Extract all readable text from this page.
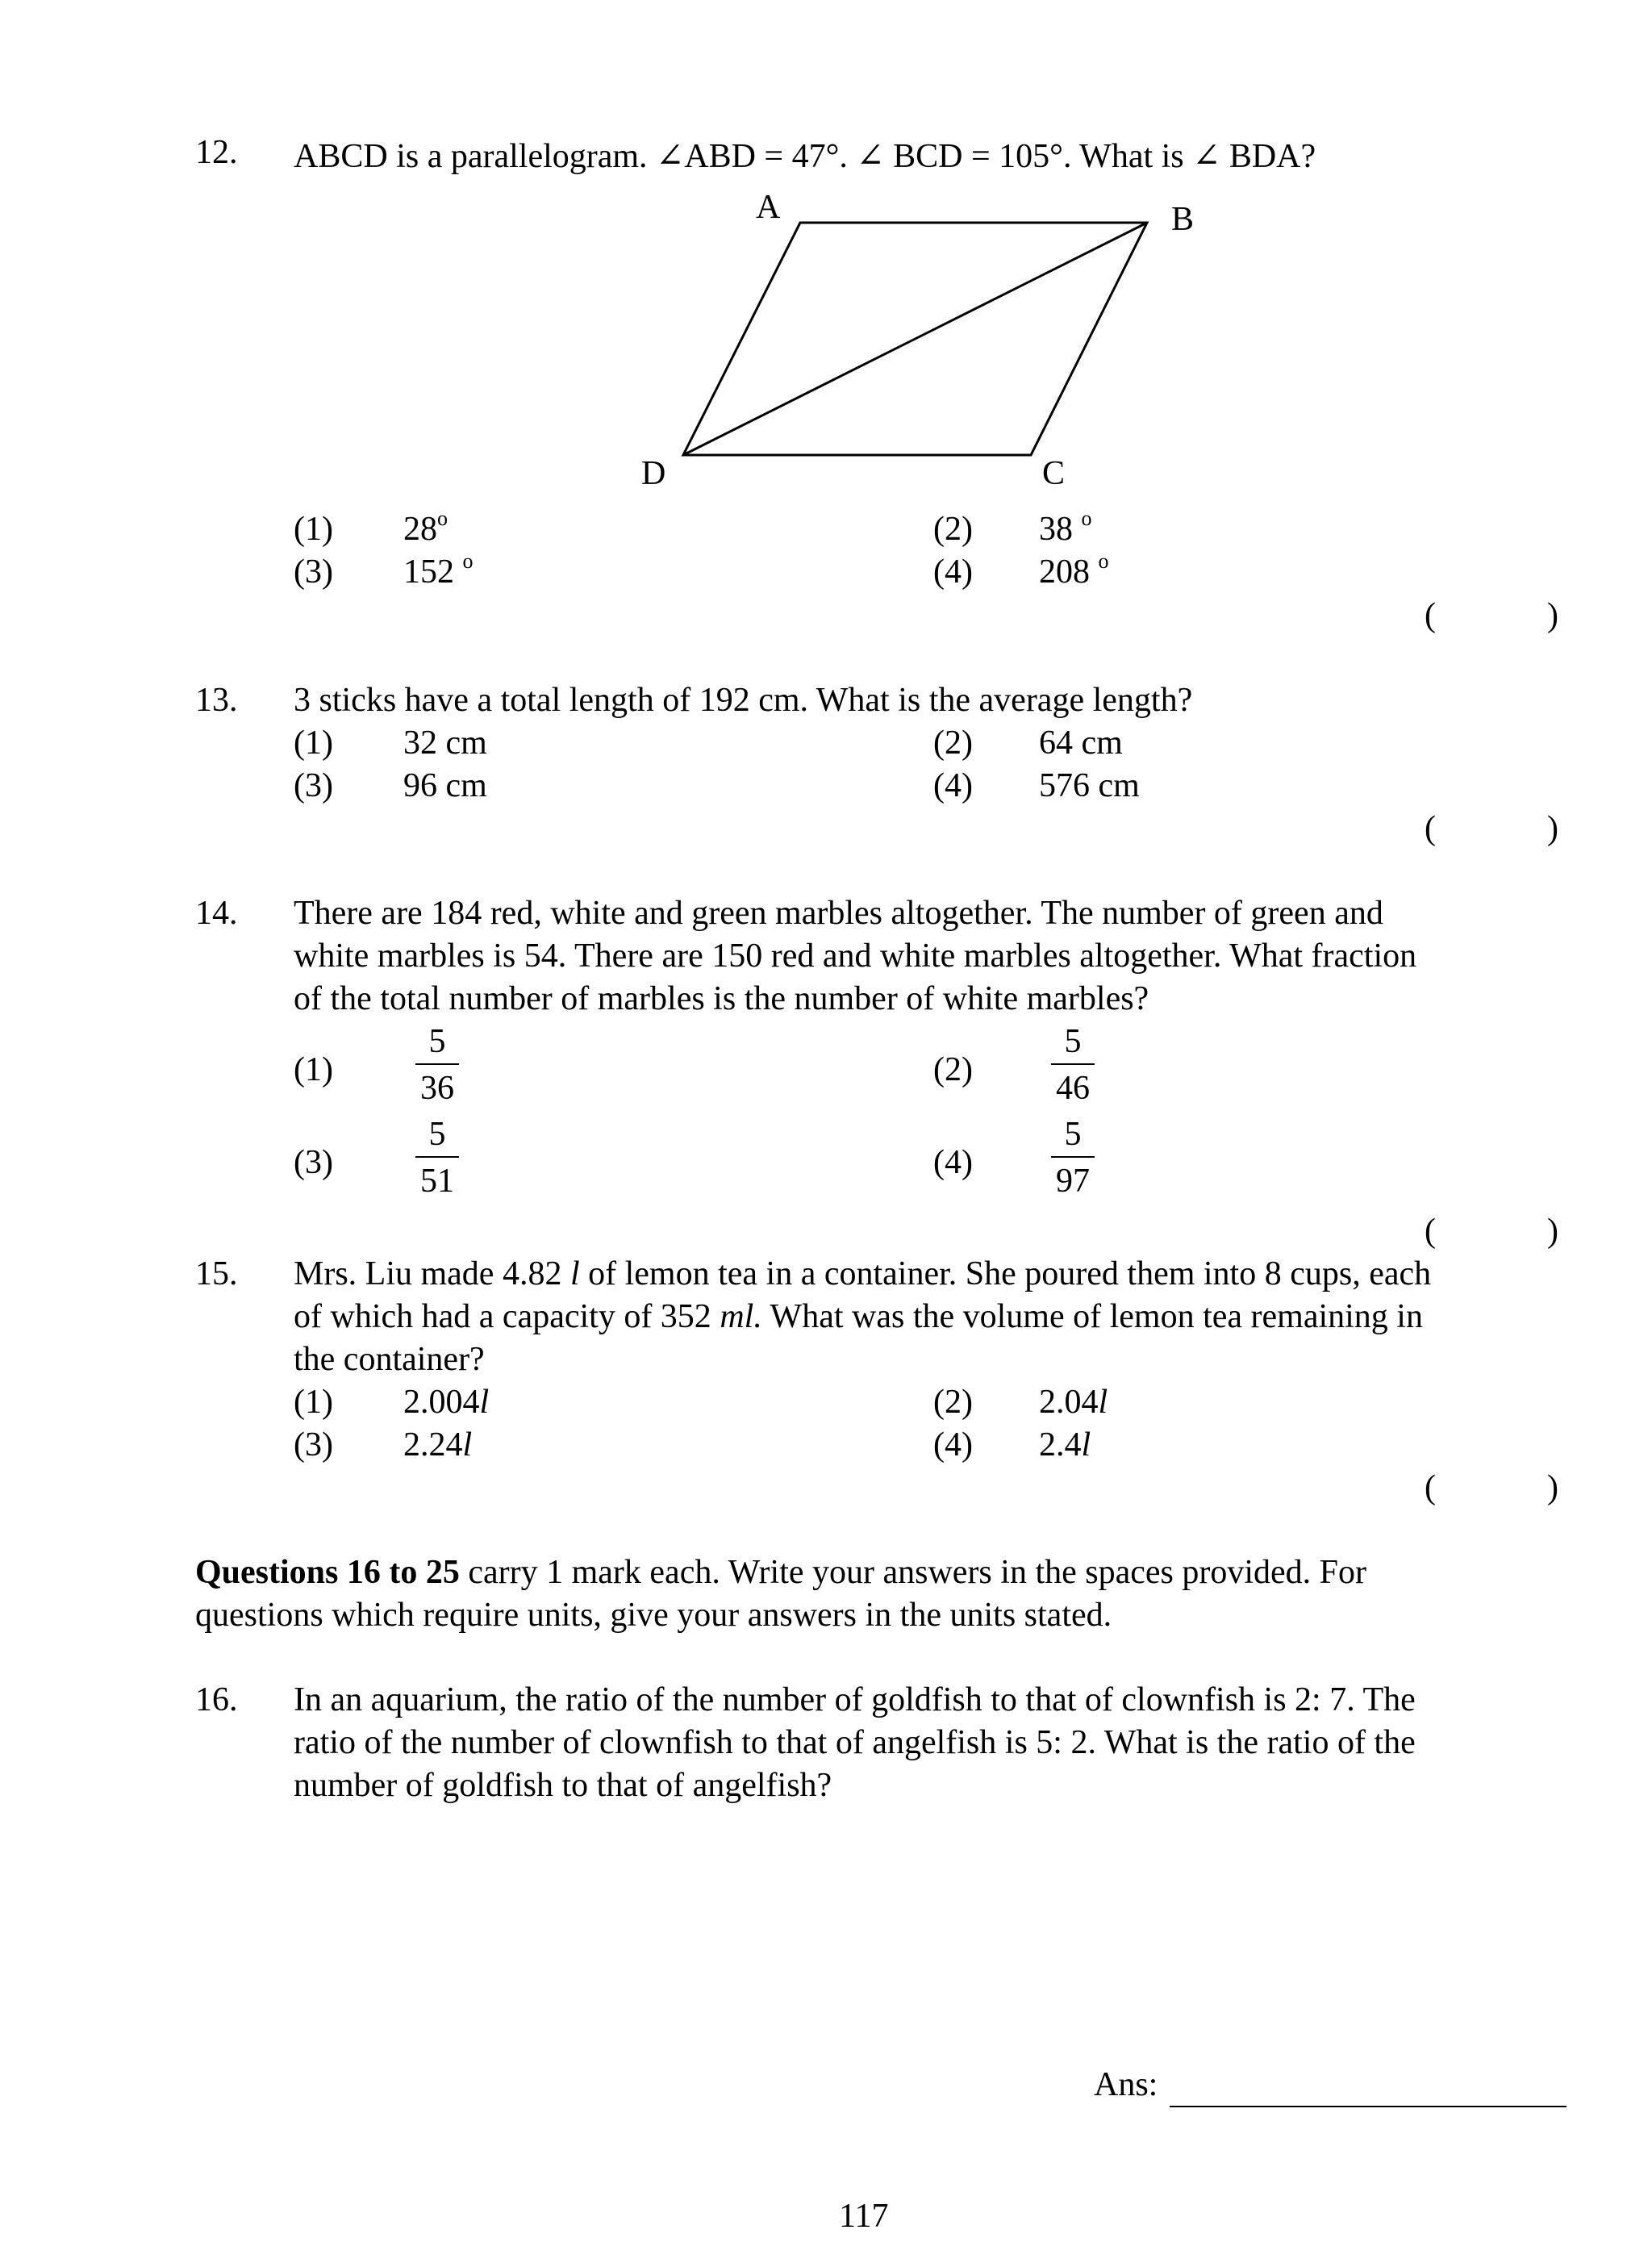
12. ABCD is a parallelogram. ∠ABD = 47°. ∠ BCD = 105°. What is ∠ BDA?
A	B
C
D
(1) 28$^o$	(2) 38 $^o$
(3) 152 $^o$	(4) 208 $^o$
(	)
13. 3 sticks have a total length of 192 cm. What is the average length?
(1) 32 cm	(2) 64 cm
(3) 96 cm	(4) 576 cm
(	)
14. There are 184 red, white and green marbles altogether. The number of green and
white marbles is 54. There are 150 red and white marbles altogether. What fraction
of the total number of marbles is the number of white marbles?
(1)
5
36	(2)
5
46
(3)
5
51	(4)
5
97
(	)
15. Mrs. Liu made 4.82 l of lemon tea in a container. She poured them into 8 cups, each
of which had a capacity of 352 ml. What was the volume of lemon tea remaining in
the container?
(1) 2.004l	(2) 2.04l
(3) 2.24l	(4) 2.4l
(	)
Questions 16 to 25 carry 1 mark each. Write your answers in the spaces provided. For
questions which require units, give your answers in the units stated.
16. In an aquarium, the ratio of the number of goldfish to that of clownfish is 2: 7. The
ratio of the number of clownfish to that of angelfish is 5: 2. What is the ratio of the
number of goldfish to that of angelfish?
Ans:
117
